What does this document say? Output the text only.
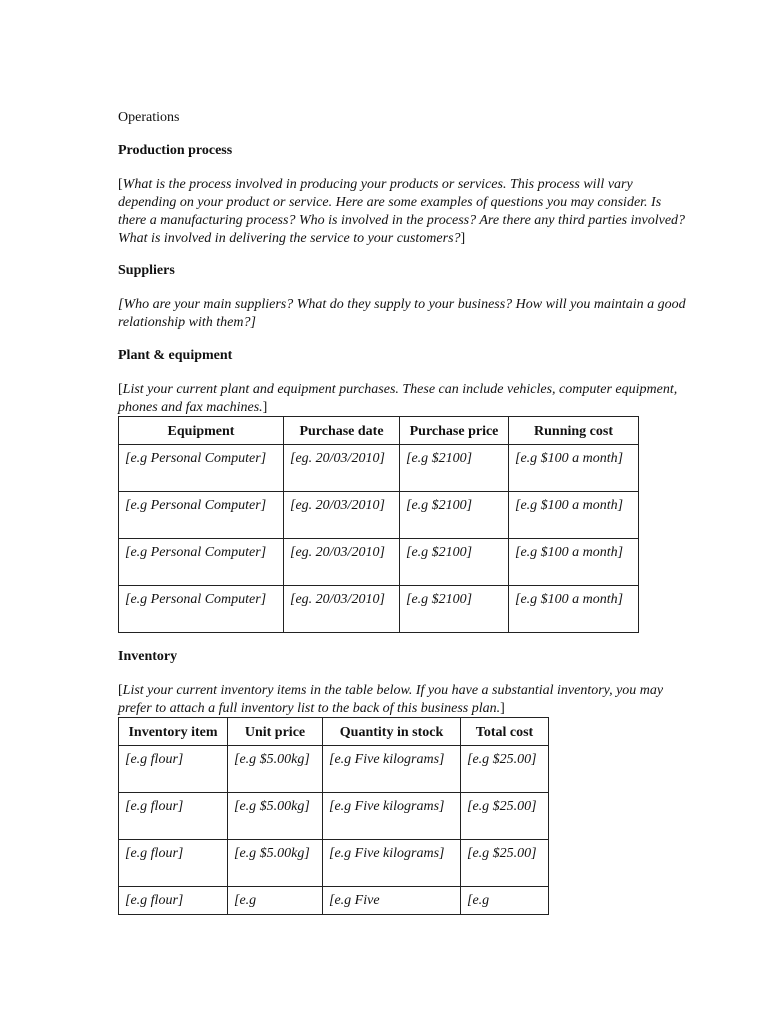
Operations

Production process

[What is the process involved in producing your products or services. This process will vary depending on your product or service. Here are some examples of questions you may consider. Is there a manufacturing process? Who is involved in the process? Are there any third parties involved? What is involved in delivering the service to your customers?]

Suppliers

[Who are your main suppliers? What do they supply to your business? How will you maintain a good relationship with them?]

Plant & equipment

[List your current plant and equipment purchases. These can include vehicles, computer equipment, phones and fax machines.]

Equipment	Purchase date	Purchase price	Running cost
[e.g Personal Computer]	[eg. 20/03/2010]	[e.g $2100]	[e.g $100 a month]
[e.g Personal Computer]	[eg. 20/03/2010]	[e.g $2100]	[e.g $100 a month]
[e.g Personal Computer]	[eg. 20/03/2010]	[e.g $2100]	[e.g $100 a month]
[e.g Personal Computer]	[eg. 20/03/2010]	[e.g $2100]	[e.g $100 a month]

Inventory

[List your current inventory items in the table below. If you have a substantial inventory, you may prefer to attach a full inventory list to the back of this business plan.]

Inventory item	Unit price	Quantity in stock	Total cost
[e.g flour]	[e.g $5.00kg]	[e.g Five kilograms]	[e.g $25.00]
[e.g flour]	[e.g $5.00kg]	[e.g Five kilograms]	[e.g $25.00]
[e.g flour]	[e.g $5.00kg]	[e.g Five kilograms]	[e.g $25.00]
[e.g flour]	[e.g	[e.g Five	[e.g
